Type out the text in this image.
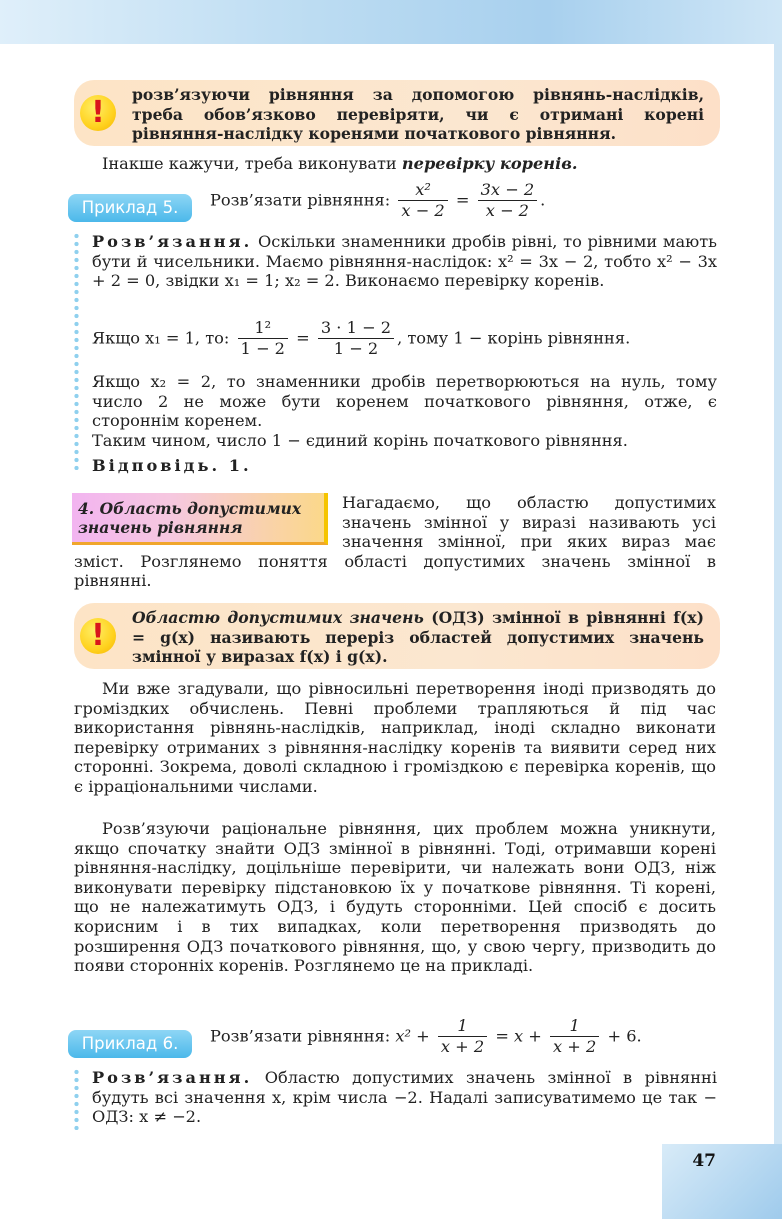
!
розв’язуючи рівняння за допомогою рівнянь-наслідків, треба обов’язково перевіряти, чи є отримані корені рівняння-наслідку коренями початкового рівняння.
Інакше кажучи, треба виконувати перевірку коренів.
Приклад 5.	Розв’язати рівняння: $\frac{\text{x²}}{x - 2} = \frac{3x - 2}{x - 2}$ .
Розв’язання. Оскільки знаменники дробів рівні, то рівними мають бути й чисельники. Маємо рівняння-наслідок: x² = 3x − 2, тобто x² − 3x + 2 = 0, звідки x₁ = 1; x₂ = 2. Виконаємо перевірку коренів.
Якщо x₁ = 1, то: $\frac{\text{1²}}{1 - 2} = \frac{3 \cdot 1 - 2}{1 - 2}$ , тому 1 − корінь рівняння.
Якщо x₂ = 2, то знаменники дробів перетворюються на нуль, тому число 2 не може бути коренем початкового рівняння, отже, є стороннім коренем.
Таким чином, число 1 − єдиний корінь початкового рівняння.
Відповідь. 1.
4. Область допустимих значень рівняння
Нагадаємо, що областю допустимих значень змінної у виразі називають усі значення змінної, при яких вираз має зміст. Розглянемо поняття області допустимих значень змінної в рівнянні.
!
Областю допустимих значень (ОДЗ) змінної в рівнянні f(x) = g(x) називають переріз областей допустимих значень змінної у виразах f(x) і g(x).
Ми вже згадували, що рівносильні перетворення іноді призводять до громіздких обчислень. Певні проблеми трапляються й під час використання рівнянь-наслідків, наприклад, іноді складно виконати перевірку отриманих з рівняння-наслідку коренів та виявити серед них сторонні. Зокрема, доволі складною і громіздкою є перевірка коренів, що є ірраціональними числами.
Розв’язуючи раціональне рівняння, цих проблем можна уникнути, якщо спочатку знайти ОДЗ змінної в рівнянні. Тоді, отримавши корені рівняння-наслідку, доцільніше перевірити, чи належать вони ОДЗ, ніж виконувати перевірку підстановкою їх у початкове рівняння. Ті корені, що не належатимуть ОДЗ, і будуть сторонніми. Цей спосіб є досить корисним і в тих випадках, коли перетворення призводять до розширення ОДЗ початкового рівняння, що, у свою чергу, призводить до появи сторонніх коренів. Розглянемо це на прикладі.
Приклад 6.	Розв’язати рівняння: $x^2 + \frac{1}{x + 2} = x + \frac{1}{x + 2} + 6$.
Розв’язання. Областю допустимих значень змінної в рівнянні будуть всі значення x, крім числа −2. Надалі записуватимемо це так − ОДЗ: x ≠ −2.
47
